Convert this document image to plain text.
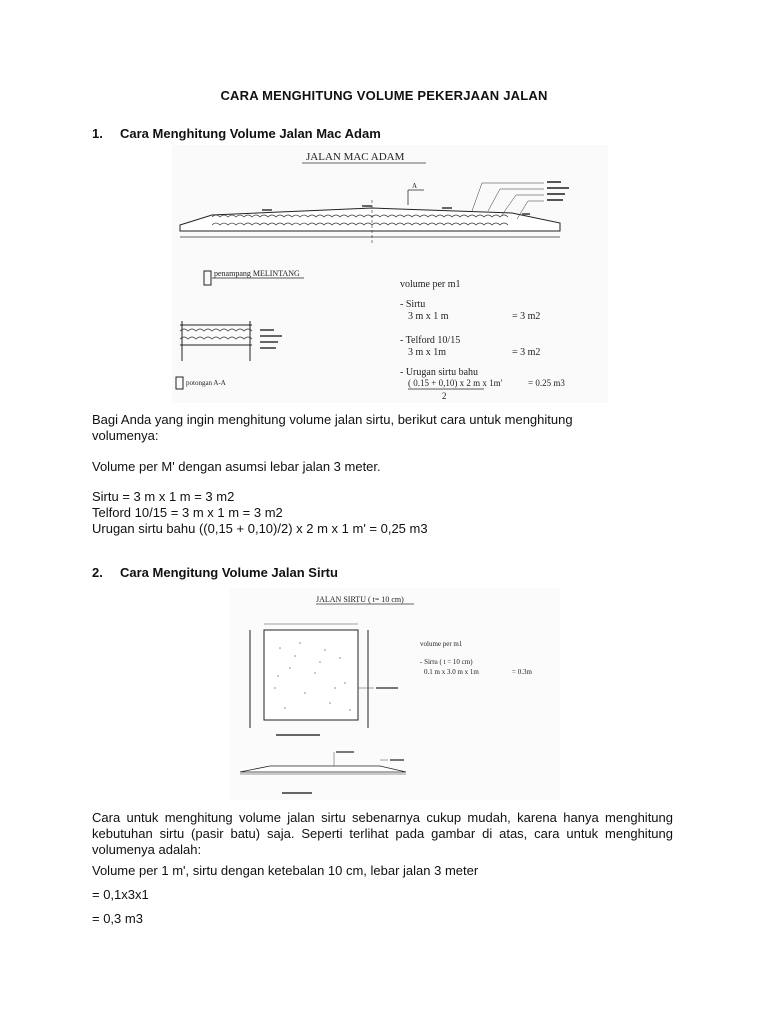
CARA MENGHITUNG VOLUME PEKERJAAN JALAN
1. Cara Menghitung Volume Jalan Mac Adam
JALAN MAC ADAM
A
penampang MELINTANG
potongan A-A
volume per m1
- Sirtu
3 m x 1 m	= 3 m2
- Telford 10/15
3 m x 1m	= 3 m2
- Urugan sirtu bahu
( 0.15 + 0,10) x 2 m x 1m'	= 0.25 m3
2
Bagi Anda yang ingin menghitung volume jalan sirtu, berikut cara untuk menghitung volumenya:
Volume per M' dengan asumsi lebar jalan 3 meter.
Sirtu = 3 m x 1 m = 3 m2
Telford 10/15 = 3 m x 1 m = 3 m2
Urugan sirtu bahu ((0,15 + 0,10)/2) x 2 m x 1 m' = 0,25 m3
2. Cara Mengitung Volume Jalan Sirtu
JALAN SIRTU ( t= 10 cm)
volume per m1
- Sirtu ( t = 10 cm)
0.1 m x 3.0 m x 1m	= 0.3m
Cara untuk menghitung volume jalan sirtu sebenarnya cukup mudah, karena hanya menghitung kebutuhan sirtu (pasir batu) saja. Seperti terlihat pada gambar di atas, cara untuk menghitung volumenya adalah:
Volume per 1 m', sirtu dengan ketebalan 10 cm, lebar jalan 3 meter
= 0,1x3x1
= 0,3 m3
